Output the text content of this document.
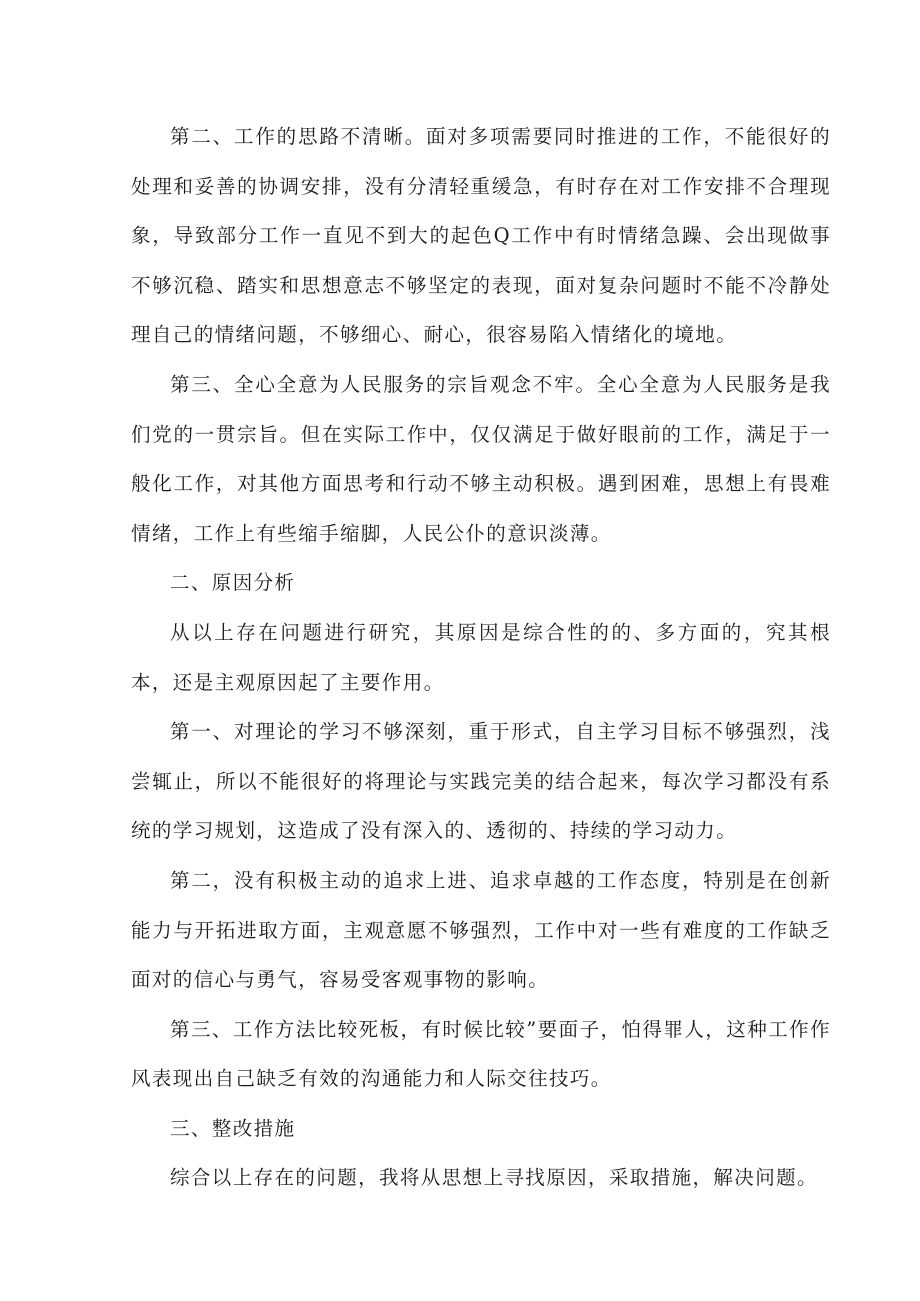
第二、工作的思路不清晰。面对多项需要同时推进的工作，不能很好的处理和妥善的协调安排，没有分清轻重缓急，有时存在对工作安排不合理现象，导致部分工作一直见不到大的起色Q工作中有时情绪急躁、会出现做事不够沉稳、踏实和思想意志不够坚定的表现，面对复杂问题时不能不冷静处理自己的情绪问题，不够细心、耐心，很容易陷入情绪化的境地。

第三、全心全意为人民服务的宗旨观念不牢。全心全意为人民服务是我们党的一贯宗旨。但在实际工作中，仅仅满足于做好眼前的工作，满足于一般化工作，对其他方面思考和行动不够主动积极。遇到困难，思想上有畏难情绪，工作上有些缩手缩脚，人民公仆的意识淡薄。

二、原因分析

从以上存在问题进行研究，其原因是综合性的的、多方面的，究其根本，还是主观原因起了主要作用。

第一、对理论的学习不够深刻，重于形式，自主学习目标不够强烈，浅尝辄止，所以不能很好的将理论与实践完美的结合起来，每次学习都没有系统的学习规划，这造成了没有深入的、透彻的、持续的学习动力。

第二，没有积极主动的追求上进、追求卓越的工作态度，特别是在创新能力与开拓进取方面，主观意愿不够强烈，工作中对一些有难度的工作缺乏面对的信心与勇气，容易受客观事物的影响。

第三、工作方法比较死板，有时候比较”要面子，怕得罪人，这种工作作风表现出自己缺乏有效的沟通能力和人际交往技巧。

三、整改措施

综合以上存在的问题，我将从思想上寻找原因，采取措施，解决问题。
